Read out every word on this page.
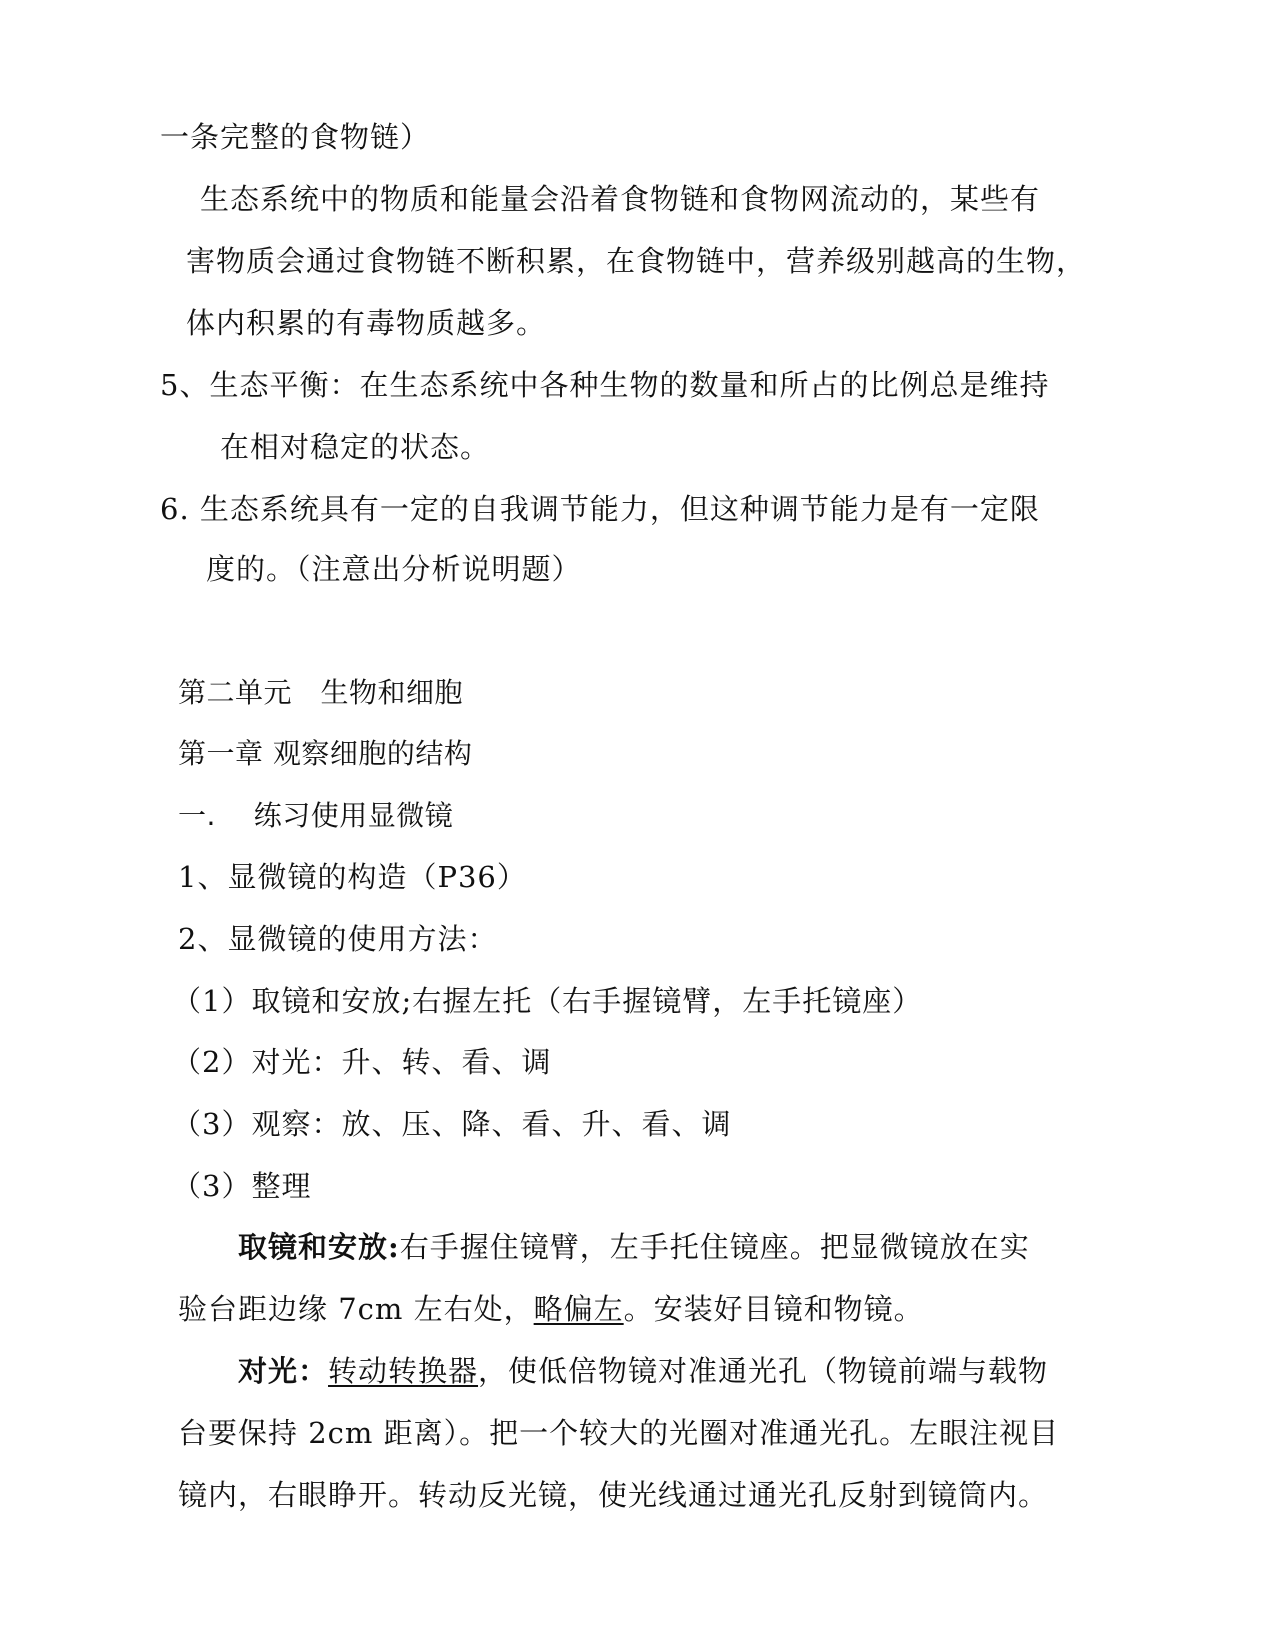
一条完整的食物链）
生态系统中的物质和能量会沿着食物链和食物网流动的，某些有
害物质会通过食物链不断积累，在食物链中，营养级别越高的生物，
体内积累的有毒物质越多。
5、生态平衡：在生态系统中各种生物的数量和所占的比例总是维持
在相对稳定的状态。
6. 生态系统具有一定的自我调节能力，但这种调节能力是有一定限
度的。（注意出分析说明题）
第二单元　生物和细胞
第一章 观察细胞的结构
一.　 练习使用显微镜
1、显微镜的构造（P36）
2、显微镜的使用方法：
（1）取镜和安放;右握左托（右手握镜臂，左手托镜座）
（2）对光：升、转、看、调
（3）观察：放、压、降、看、升、看、调
（3）整理
取镜和安放:右手握住镜臂，左手托住镜座。把显微镜放在实
验台距边缘 7cm 左右处，略偏左。安装好目镜和物镜。
对光：转动转换器，使低倍物镜对准通光孔（物镜前端与载物
台要保持 2cm 距离）。把一个较大的光圈对准通光孔。左眼注视目
镜内，右眼睁开。转动反光镜，使光线通过通光孔反射到镜筒内。
